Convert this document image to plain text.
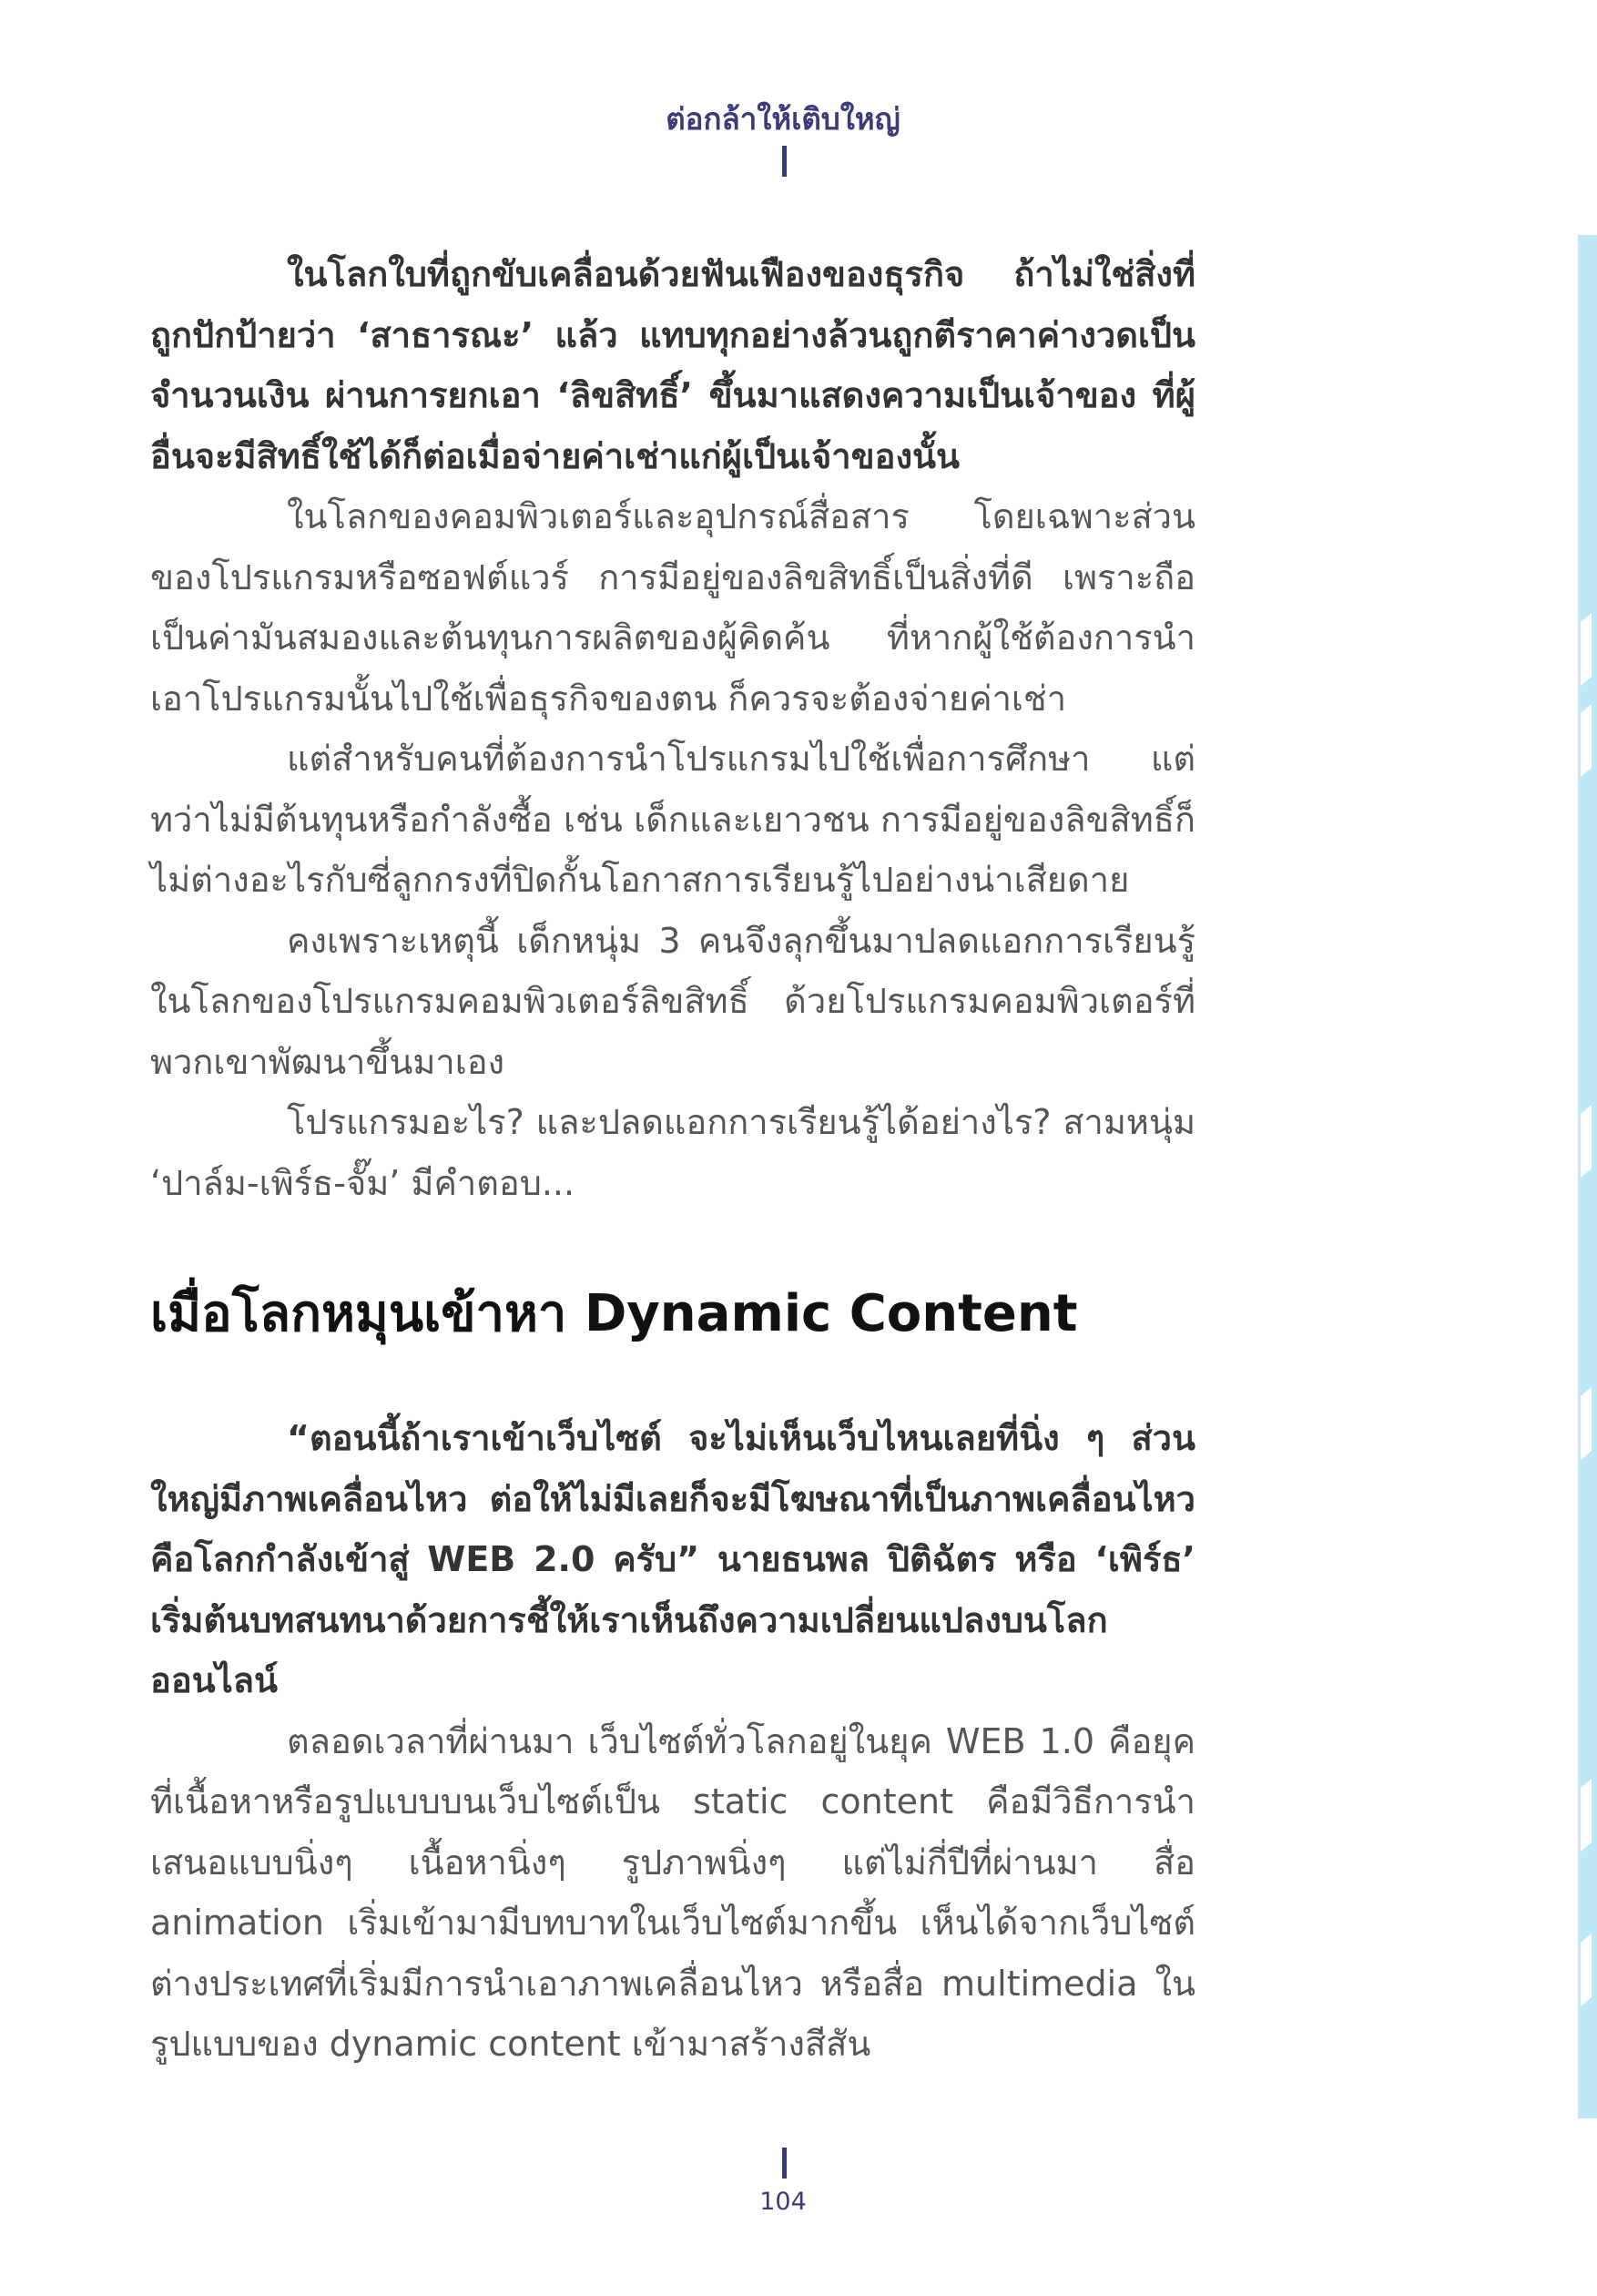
ต่อกล้าให้เติบใหญ่

ในโลกใบที่ถูกขับเคลื่อนด้วยฟันเฟืองของธุรกิจ ถ้าไม่ใช่สิ่งที่ถูกปักป้ายว่า ‘สาธารณะ’ แล้ว แทบทุกอย่างล้วนถูกตีราคาค่างวดเป็นจำนวนเงิน ผ่านการยกเอา ‘ลิขสิทธิ์’ ขึ้นมาแสดงความเป็นเจ้าของ ที่ผู้อื่นจะมีสิทธิ์ใช้ได้ก็ต่อเมื่อจ่ายค่าเช่าแก่ผู้เป็นเจ้าของนั้น

ในโลกของคอมพิวเตอร์และอุปกรณ์สื่อสาร โดยเฉพาะส่วนของโปรแกรมหรือซอฟต์แวร์ การมีอยู่ของลิขสิทธิ์เป็นสิ่งที่ดี เพราะถือเป็นค่ามันสมองและต้นทุนการผลิตของผู้คิดค้น ที่หากผู้ใช้ต้องการนำเอาโปรแกรมนั้นไปใช้เพื่อธุรกิจของตน ก็ควรจะต้องจ่ายค่าเช่า

แต่สำหรับคนที่ต้องการนำโปรแกรมไปใช้เพื่อการศึกษา แต่ทว่าไม่มีต้นทุนหรือกำลังซื้อ เช่น เด็กและเยาวชน การมีอยู่ของลิขสิทธิ์ก็ไม่ต่างอะไรกับซี่ลูกกรงที่ปิดกั้นโอกาสการเรียนรู้ไปอย่างน่าเสียดาย

คงเพราะเหตุนี้ เด็กหนุ่ม 3 คนจึงลุกขึ้นมาปลดแอกการเรียนรู้ในโลกของโปรแกรมคอมพิวเตอร์ลิขสิทธิ์ ด้วยโปรแกรมคอมพิวเตอร์ที่พวกเขาพัฒนาขึ้นมาเอง

โปรแกรมอะไร? และปลดแอกการเรียนรู้ได้อย่างไร? สามหนุ่ม ‘ปาล์ม-เพิร์ธ-จั๊ม’ มีคำตอบ...

เมื่อโลกหมุนเข้าหา Dynamic Content

“ตอนนี้ถ้าเราเข้าเว็บไซต์ จะไม่เห็นเว็บไหนเลยที่นิ่ง ๆ ส่วนใหญ่มีภาพเคลื่อนไหว ต่อให้ไม่มีเลยก็จะมีโฆษณาที่เป็นภาพเคลื่อนไหว คือโลกกำลังเข้าสู่ WEB 2.0 ครับ” นายธนพล ปิติฉัตร หรือ ‘เพิร์ธ’ เริ่มต้นบทสนทนาด้วยการชี้ให้เราเห็นถึงความเปลี่ยนแปลงบนโลกออนไลน์

ตลอดเวลาที่ผ่านมา เว็บไซต์ทั่วโลกอยู่ในยุค WEB 1.0 คือยุคที่เนื้อหาหรือรูปแบบบนเว็บไซต์เป็น static content คือมีวิธีการนำเสนอแบบนิ่งๆ เนื้อหานิ่งๆ รูปภาพนิ่งๆ แต่ไม่กี่ปีที่ผ่านมา สื่อ animation เริ่มเข้ามามีบทบาทในเว็บไซต์มากขึ้น เห็นได้จากเว็บไซต์ต่างประเทศที่เริ่มมีการนำเอาภาพเคลื่อนไหว หรือสื่อ multimedia ในรูปแบบของ dynamic content เข้ามาสร้างสีสัน

104
